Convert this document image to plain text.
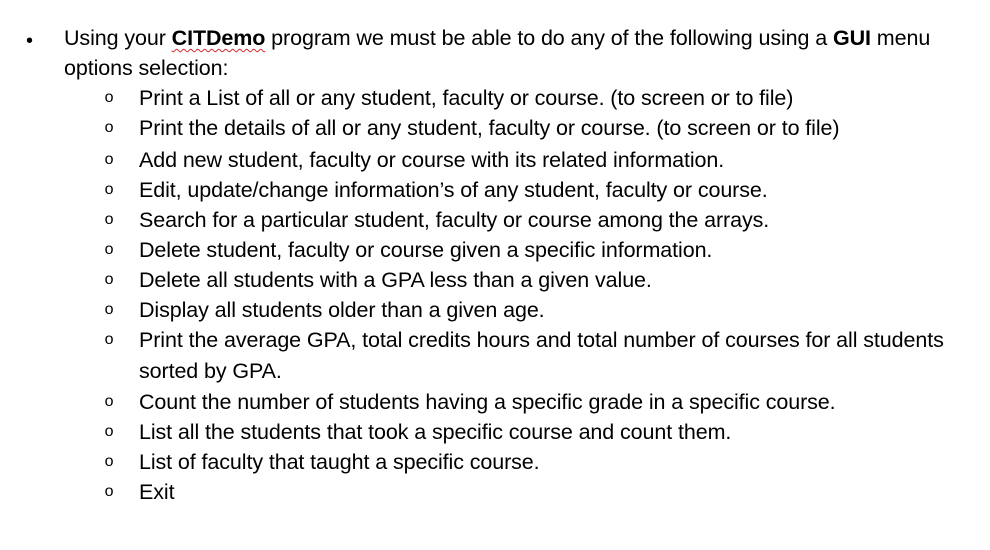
• Using your CITDemo program we must be able to do any of the following using a GUI menu options selection:
o Print a List of all or any student, faculty or course. (to screen or to file)
o Print the details of all or any student, faculty or course. (to screen or to file)
o Add new student, faculty or course with its related information.
o Edit, update/change information’s of any student, faculty or course.
o Search for a particular student, faculty or course among the arrays.
o Delete student, faculty or course given a specific information.
o Delete all students with a GPA less than a given value.
o Display all students older than a given age.
o Print the average GPA, total credits hours and total number of courses for all students sorted by GPA.
o Count the number of students having a specific grade in a specific course.
o List all the students that took a specific course and count them.
o List of faculty that taught a specific course.
o Exit
